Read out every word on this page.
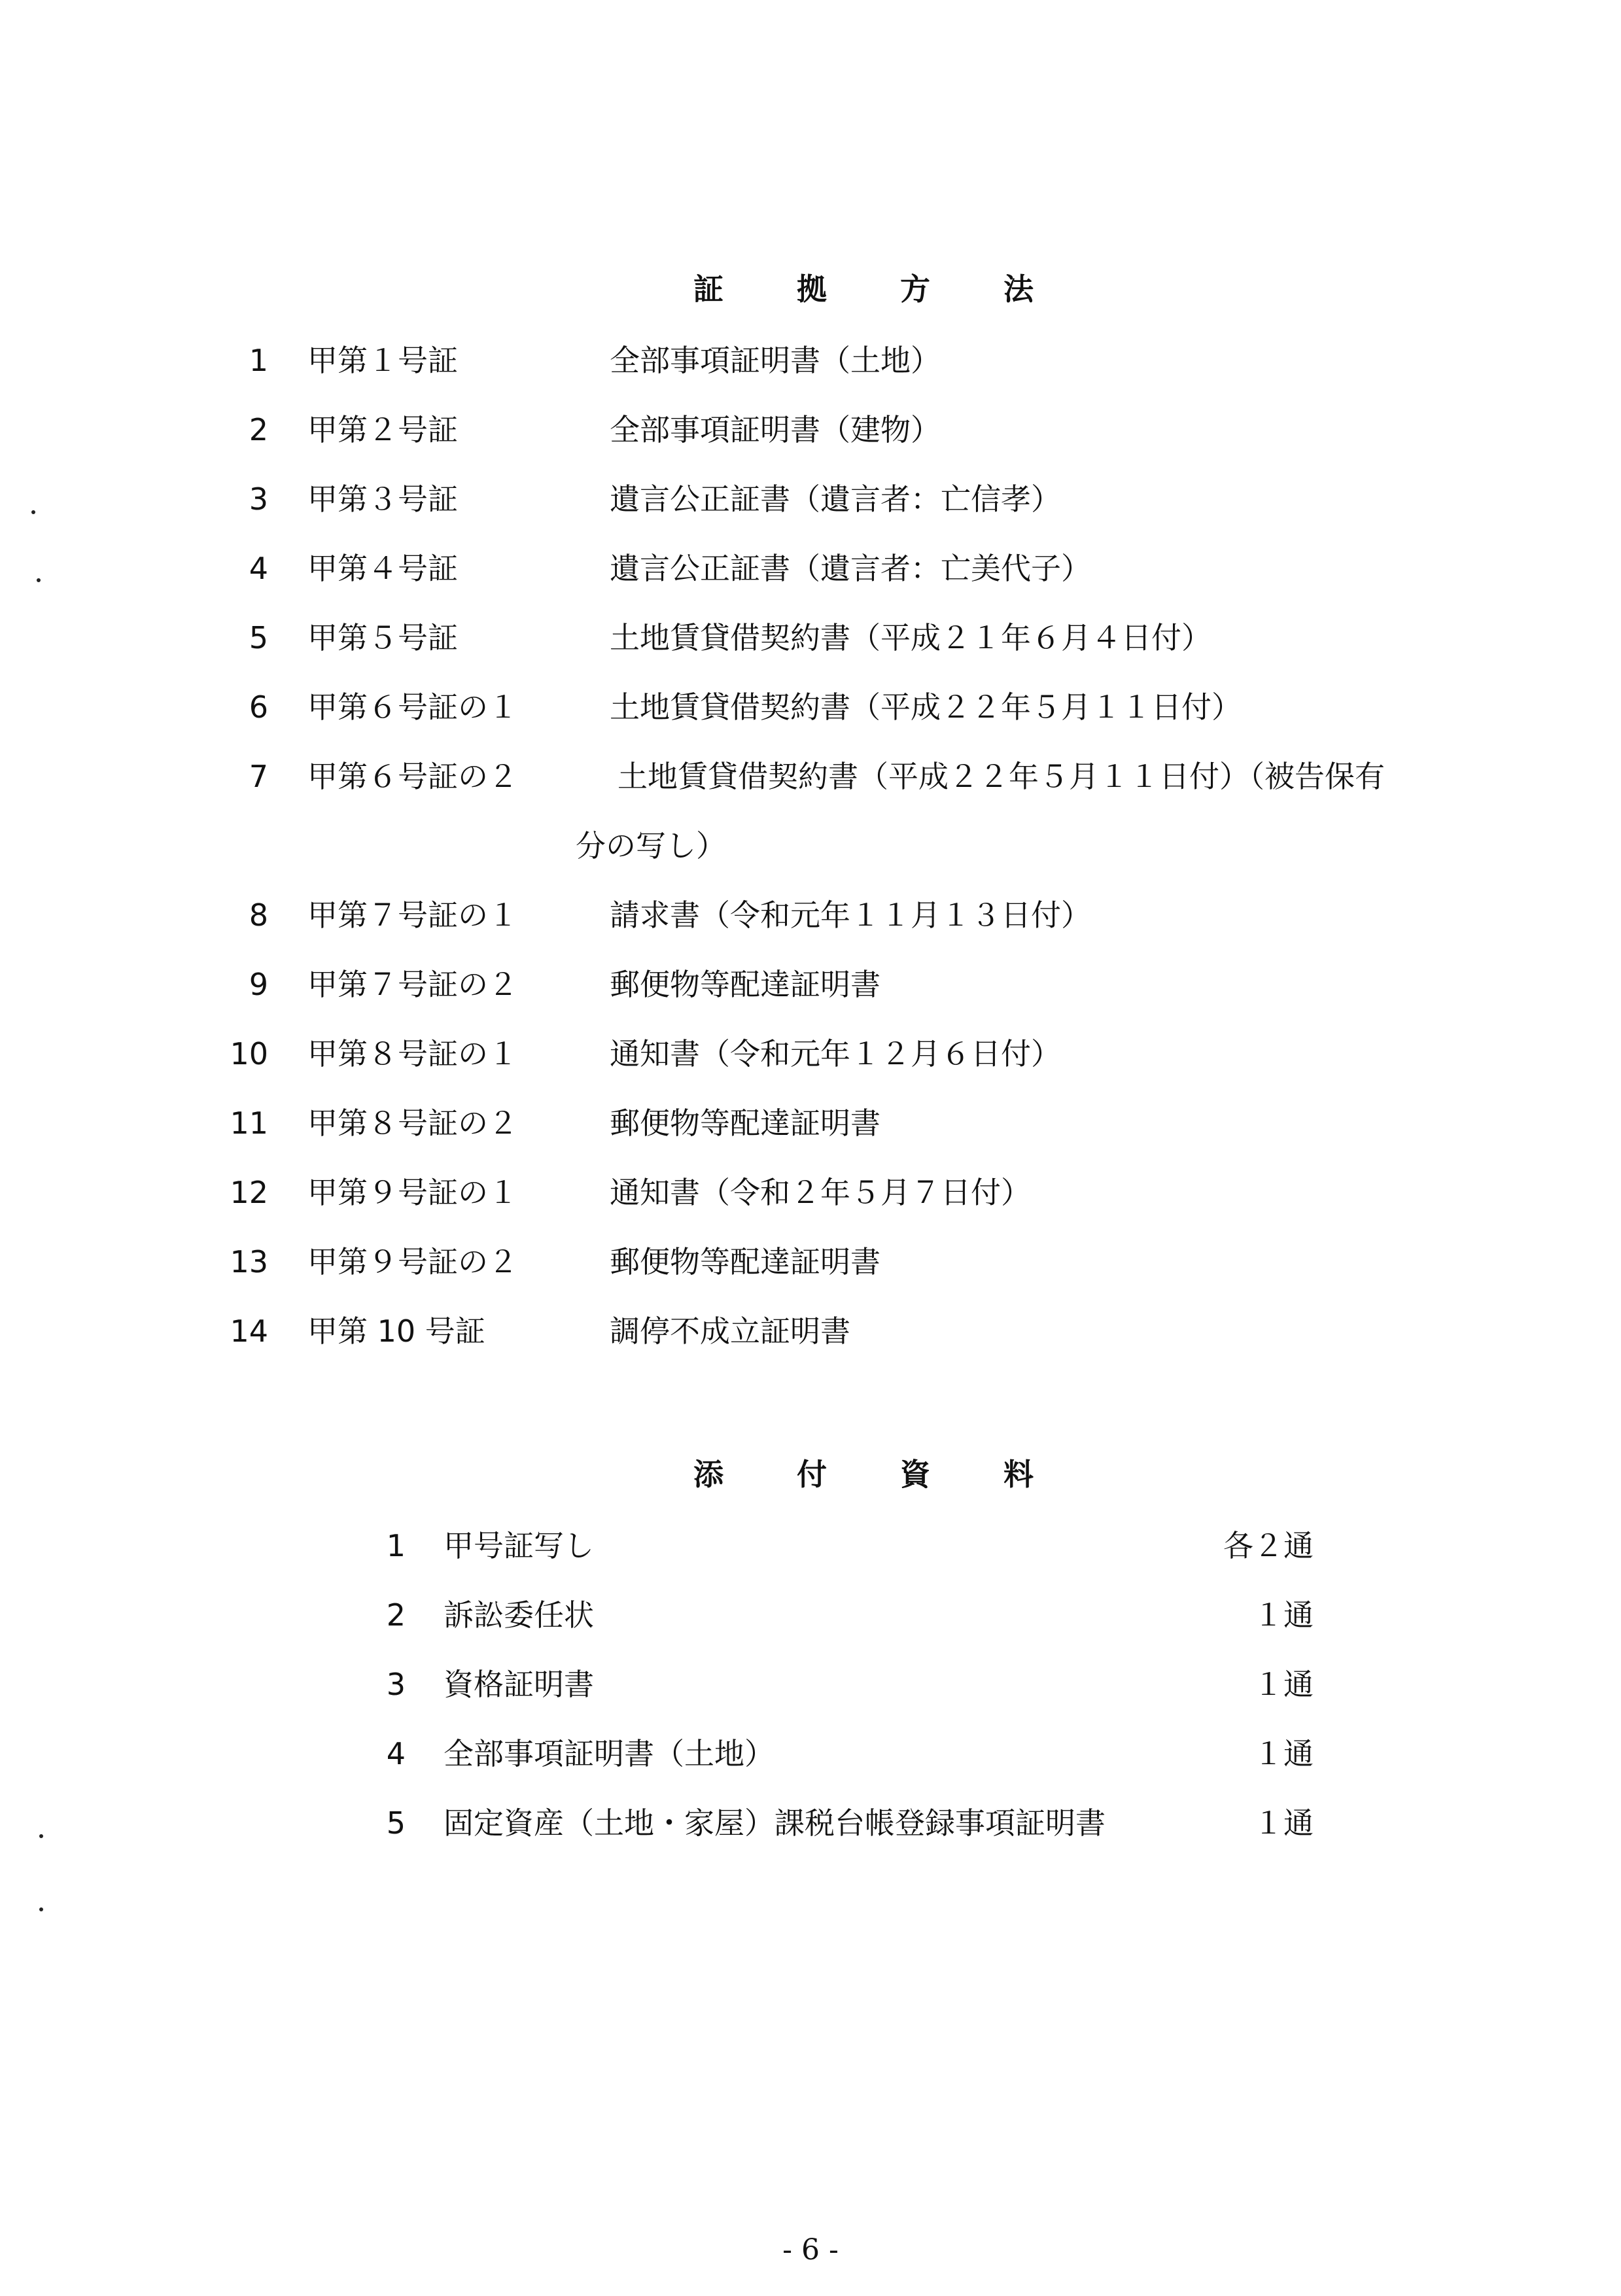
証 拠 方 法
1 甲第１号証	全部事項証明書（土地）
2 甲第２号証	全部事項証明書（建物）
3 甲第３号証	遺言公正証書（遺言者：亡信孝）
4 甲第４号証	遺言公正証書（遺言者：亡美代子）
5 甲第５号証	土地賃貸借契約書（平成２１年６月４日付）
6 甲第６号証の１	土地賃貸借契約書（平成２２年５月１１日付）
7 甲第６号証の２	土地賃貸借契約書（平成２２年５月１１日付）（被告保有
分の写し）
8 甲第７号証の１	請求書（令和元年１１月１３日付）
9 甲第７号証の２	郵便物等配達証明書
10 甲第８号証の１	通知書（令和元年１２月６日付）
11 甲第８号証の２	郵便物等配達証明書
12 甲第９号証の１	通知書（令和２年５月７日付）
13 甲第９号証の２	郵便物等配達証明書
14 甲第 10 号証	調停不成立証明書
添 付 資 料
1 甲号証写し	各２通
2 訴訟委任状	１通
3 資格証明書	１通
4 全部事項証明書（土地）	１通
5 固定資産（土地・家屋）課税台帳登録事項証明書	１通
- 6 -
